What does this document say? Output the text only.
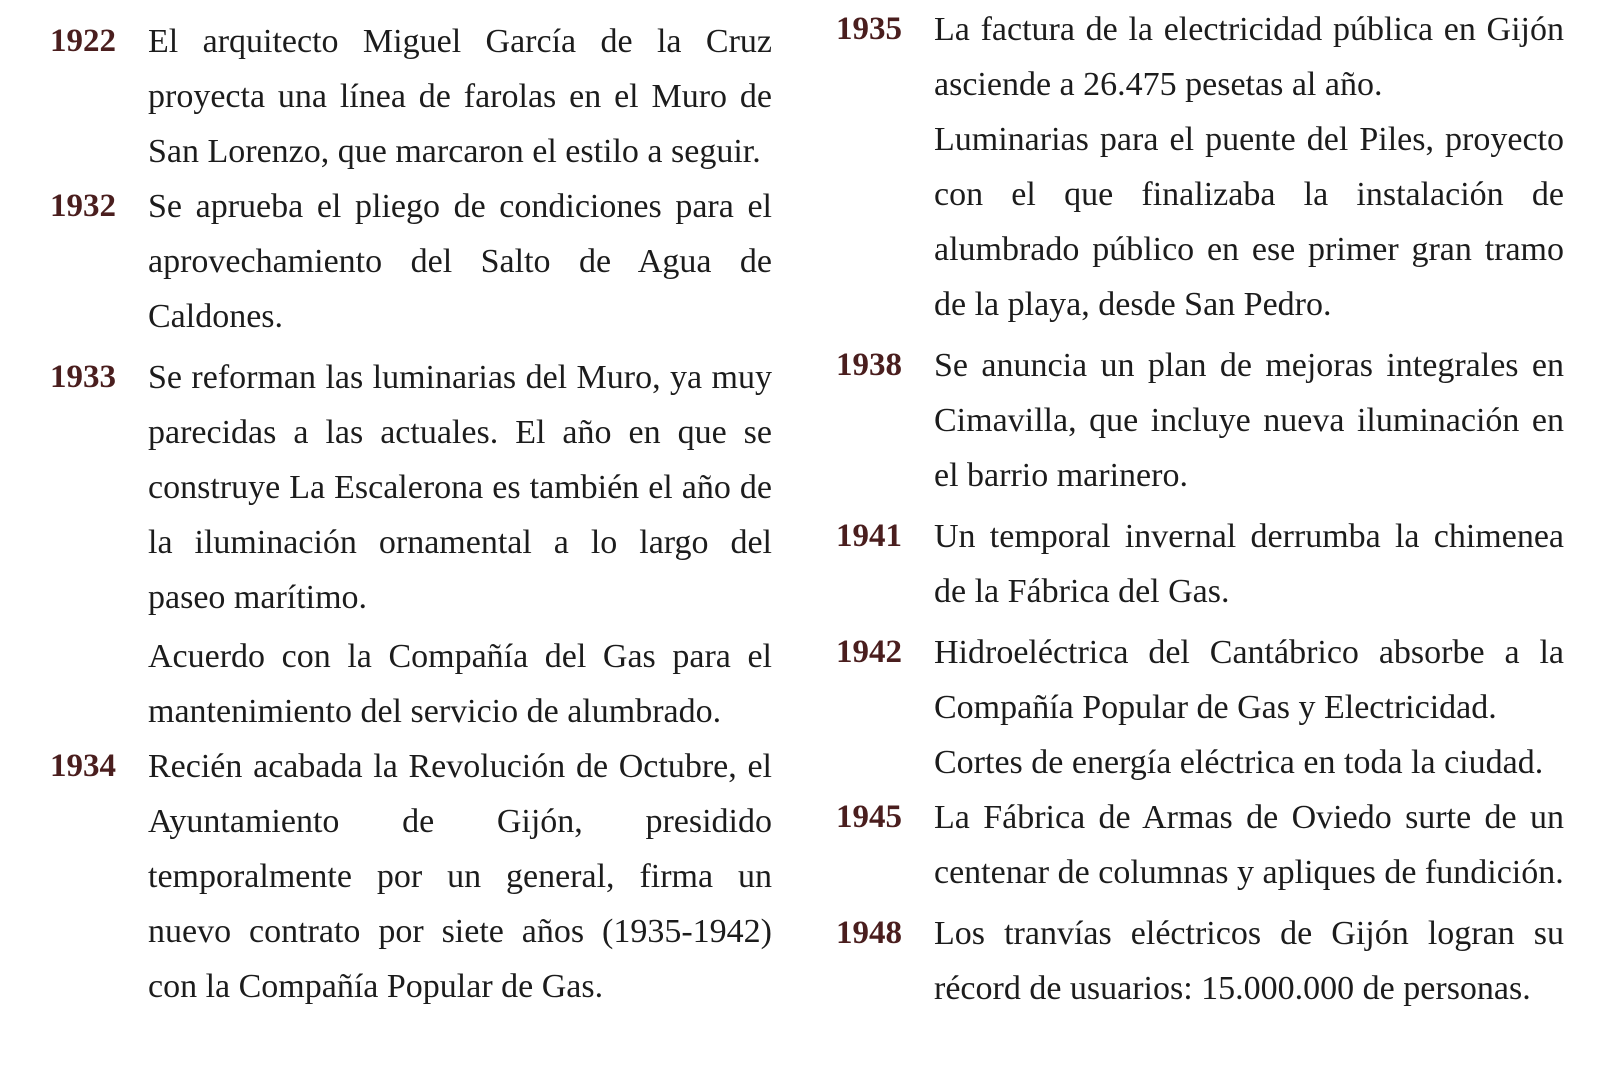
1922 El arquitecto Miguel García de la Cruz proyecta una línea de farolas en el Muro de San Lorenzo, que marcaron el estilo a seguir.

1932 Se aprueba el pliego de condiciones para el aprovechamiento del Salto de Agua de Caldones.

1933 Se reforman las luminarias del Muro, ya muy parecidas a las actuales. El año en que se construye La Escalerona es también el año de la iluminación ornamental a lo largo del paseo marítimo.

Acuerdo con la Compañía del Gas para el mantenimiento del servicio de alumbrado.

1934 Recién acabada la Revolución de Octubre, el Ayuntamiento de Gijón, presidido temporalmente por un general, firma un nuevo contrato por siete años (1935-1942) con la Compañía Popular de Gas.

1935 La factura de la electricidad pública en Gijón asciende a 26.475 pesetas al año.

Luminarias para el puente del Piles, proyecto con el que finalizaba la instalación de alumbrado público en ese primer gran tramo de la playa, desde San Pedro.

1938 Se anuncia un plan de mejoras integrales en Cimavilla, que incluye nueva iluminación en el barrio marinero.

1941 Un temporal invernal derrumba la chimenea de la Fábrica del Gas.

1942 Hidroeléctrica del Cantábrico absorbe a la Compañía Popular de Gas y Electricidad.

Cortes de energía eléctrica en toda la ciudad.

1945 La Fábrica de Armas de Oviedo surte de un centenar de columnas y apliques de fundición.

1948 Los tranvías eléctricos de Gijón logran su récord de usuarios: 15.000.000 de personas.
